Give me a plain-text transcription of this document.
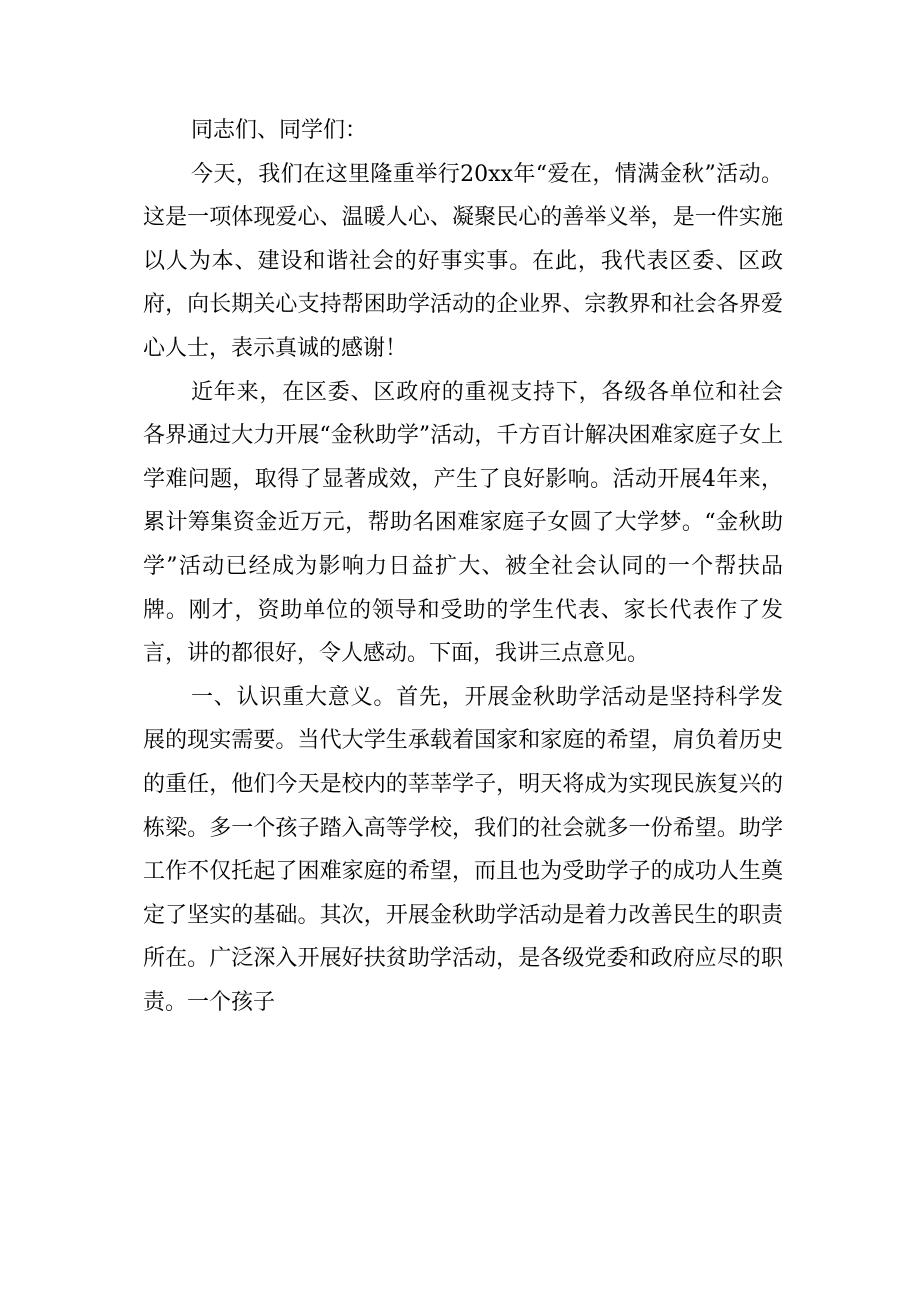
同志们、同学们：

今天，我们在这里隆重举行20xx年“爱在，情满金秋”活动。这是一项体现爱心、温暖人心、凝聚民心的善举义举，是一件实施以人为本、建设和谐社会的好事实事。在此，我代表区委、区政府，向长期关心支持帮困助学活动的企业界、宗教界和社会各界爱心人士，表示真诚的感谢！

近年来，在区委、区政府的重视支持下，各级各单位和社会各界通过大力开展“金秋助学”活动，千方百计解决困难家庭子女上学难问题，取得了显著成效，产生了良好影响。活动开展4年来，累计筹集资金近万元，帮助名困难家庭子女圆了大学梦。“金秋助学”活动已经成为影响力日益扩大、被全社会认同的一个帮扶品牌。刚才，资助单位的领导和受助的学生代表、家长代表作了发言，讲的都很好，令人感动。下面，我讲三点意见。

一、认识重大意义。首先，开展金秋助学活动是坚持科学发展的现实需要。当代大学生承载着国家和家庭的希望，肩负着历史的重任，他们今天是校内的莘莘学子，明天将成为实现民族复兴的栋梁。多一个孩子踏入高等学校，我们的社会就多一份希望。助学工作不仅托起了困难家庭的希望，而且也为受助学子的成功人生奠定了坚实的基础。其次，开展金秋助学活动是着力改善民生的职责所在。广泛深入开展好扶贫助学活动，是各级党委和政府应尽的职责。一个孩子
